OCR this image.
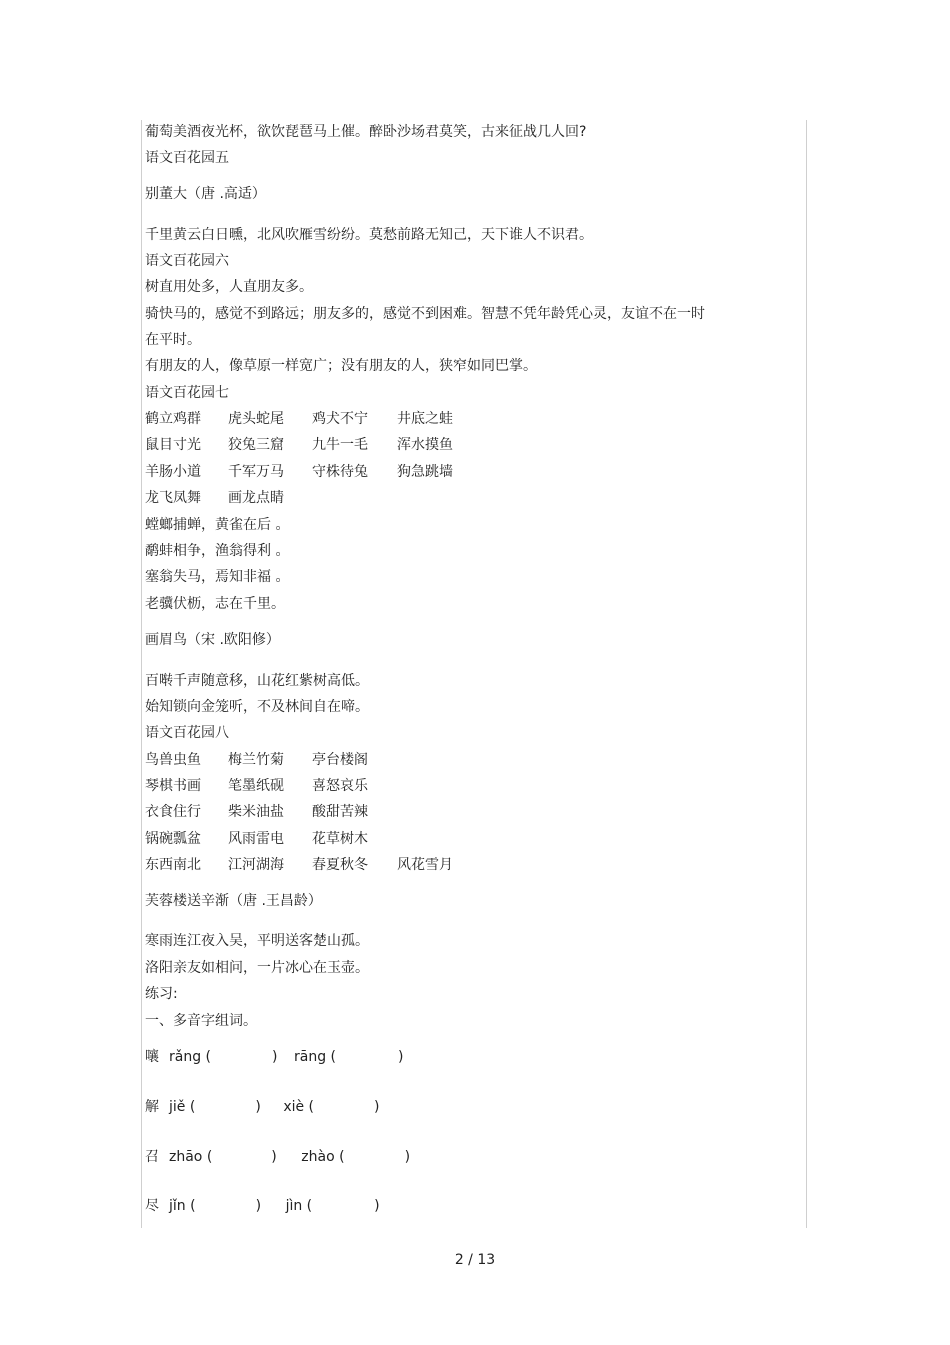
葡萄美酒夜光杯，欲饮琵琶马上催。醉卧沙场君莫笑，古来征战几人回?
语文百花园五
别董大（唐 .高适）
千里黄云白日曛，北风吹雁雪纷纷。莫愁前路无知己，天下谁人不识君。
语文百花园六
树直用处多，人直朋友多。
骑快马的，感觉不到路远；朋友多的，感觉不到困难。智慧不凭年龄凭心灵，友谊不在一时
在平时。
有朋友的人，像草原一样宽广；没有朋友的人，狭窄如同巴掌。
语文百花园七
鹤立鸡群 虎头蛇尾 鸡犬不宁 井底之蛙
鼠目寸光 狡兔三窟 九牛一毛 浑水摸鱼
羊肠小道 千军万马 守株待兔 狗急跳墙
龙飞凤舞 画龙点睛
螳螂捕蝉，黄雀在后 。
鹬蚌相争，渔翁得利 。
塞翁失马，焉知非福 。
老骥伏枥，志在千里。
画眉鸟（宋 .欧阳修）
百啭千声随意移，山花红紫树高低。
始知锁向金笼听，不及林间自在啼。
语文百花园八
鸟兽虫鱼 梅兰竹菊 亭台楼阁
琴棋书画 笔墨纸砚 喜怒哀乐
衣食住行 柴米油盐 酸甜苦辣
锅碗瓢盆 风雨雷电 花草树木
东西南北 江河湖海 春夏秋冬 风花雪月
芙蓉楼送辛渐（唐 .王昌龄）
寒雨连江夜入吴，平明送客楚山孤。
洛阳亲友如相问，一片冰心在玉壶。
练习:
一、多音字组词。
嚷 rǎng (	) rāng (	)
解 jiě (	) xiè (	)
召 zhāo (	) zhào (	)
尽 jǐn (	) jìn (	)
2 / 13
